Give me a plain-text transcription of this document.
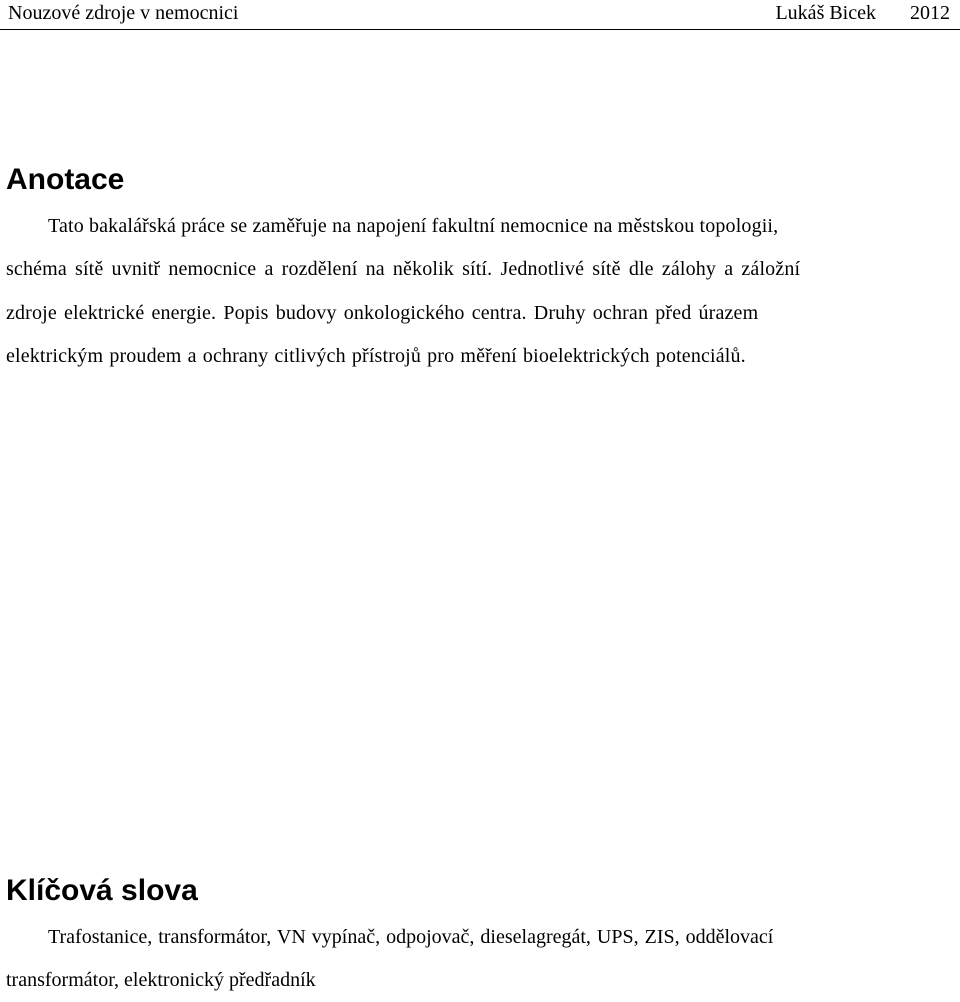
Nouzové zdroje v nemocnici	Lukáš Bicek 2012
Anotace

Tato bakalářská práce se zaměřuje na napojení fakultní nemocnice na městskou topologii,
schéma sítě uvnitř nemocnice a rozdělení na několik sítí. Jednotlivé sítě dle zálohy a záložní
zdroje elektrické energie. Popis budovy onkologického centra. Druhy ochran před úrazem
elektrickým proudem a ochrany citlivých přístrojů pro měření bioelektrických potenciálů.

Klíčová slova

Trafostanice, transformátor, VN vypínač, odpojovač, dieselagregát, UPS, ZIS, oddělovací
transformátor, elektronický předřadník
